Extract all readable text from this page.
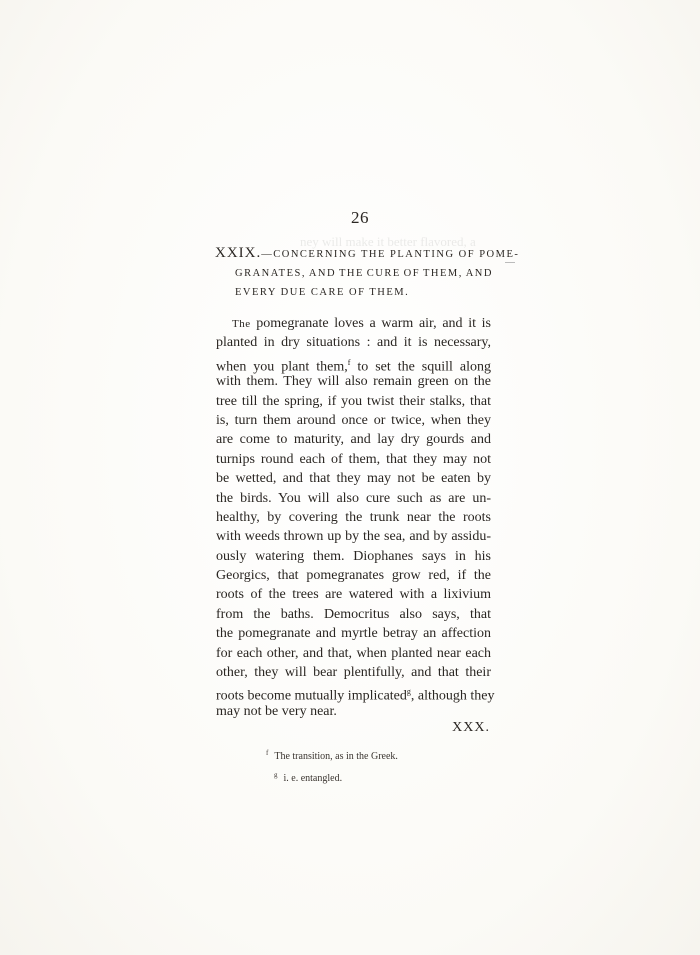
ney will make it better flavored, a
26
XXIX.—CONCERNING THE PLANTING OF POME-
GRANATES, AND THE CURE OF THEM, AND
EVERY DUE CARE OF THEM.
The pomegranate loves a warm air, and it is
planted in dry situations : and it is necessary,
when you plant them,$^f$ to set the squill along
with them. They will also remain green on the
tree till the spring, if you twist their stalks, that
is, turn them around once or twice, when they
are come to maturity, and lay dry gourds and
turnips round each of them, that they may not
be wetted, and that they may not be eaten by
the birds. You will also cure such as are un-
healthy, by covering the trunk near the roots
with weeds thrown up by the sea, and by assidu-
ously watering them. Diophanes says in his
Georgics, that pomegranates grow red, if the
roots of the trees are watered with a lixivium
from the baths. Democritus also says, that
the pomegranate and myrtle betray an affection
for each other, and that, when planted near each
other, they will bear plentifully, and that their
roots become mutually implicated$^g$, although they
may not be very near.
XXX.
$^f$ The transition, as in the Greek.
$^g$ i. e. entangled.
